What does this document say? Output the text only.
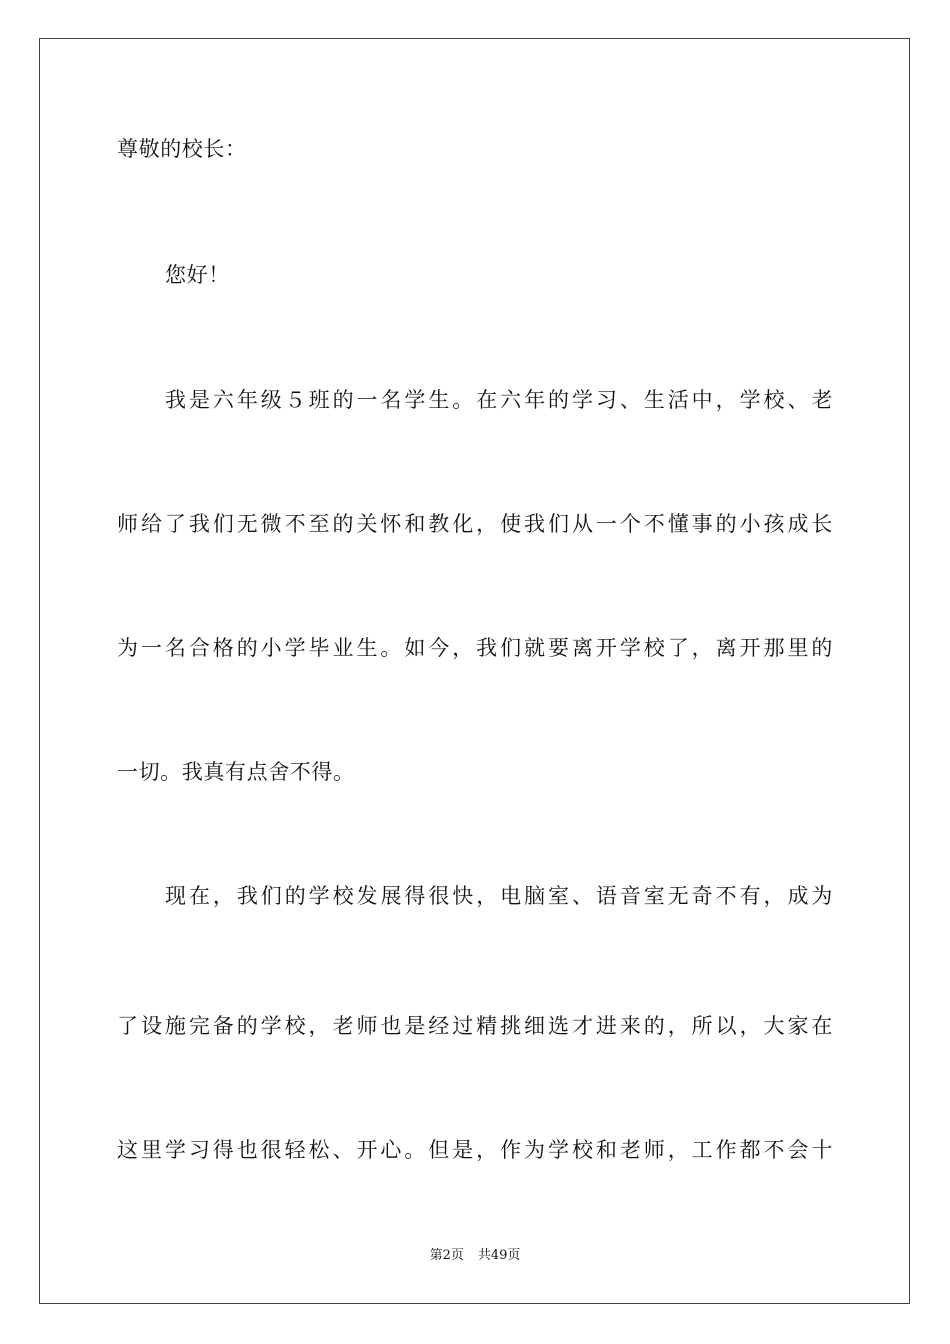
尊敬的校长：
您好！
我是六年级５班的一名学生。在六年的学习、生活中，学校、老
师给了我们无微不至的关怀和教化，使我们从一个不懂事的小孩成长
为一名合格的小学毕业生。如今，我们就要离开学校了，离开那里的
一切。我真有点舍不得。
现在，我们的学校发展得很快，电脑室、语音室无奇不有，成为
了设施完备的学校，老师也是经过精挑细选才进来的，所以，大家在
这里学习得也很轻松、开心。但是，作为学校和老师，工作都不会十
第2页 共49页
